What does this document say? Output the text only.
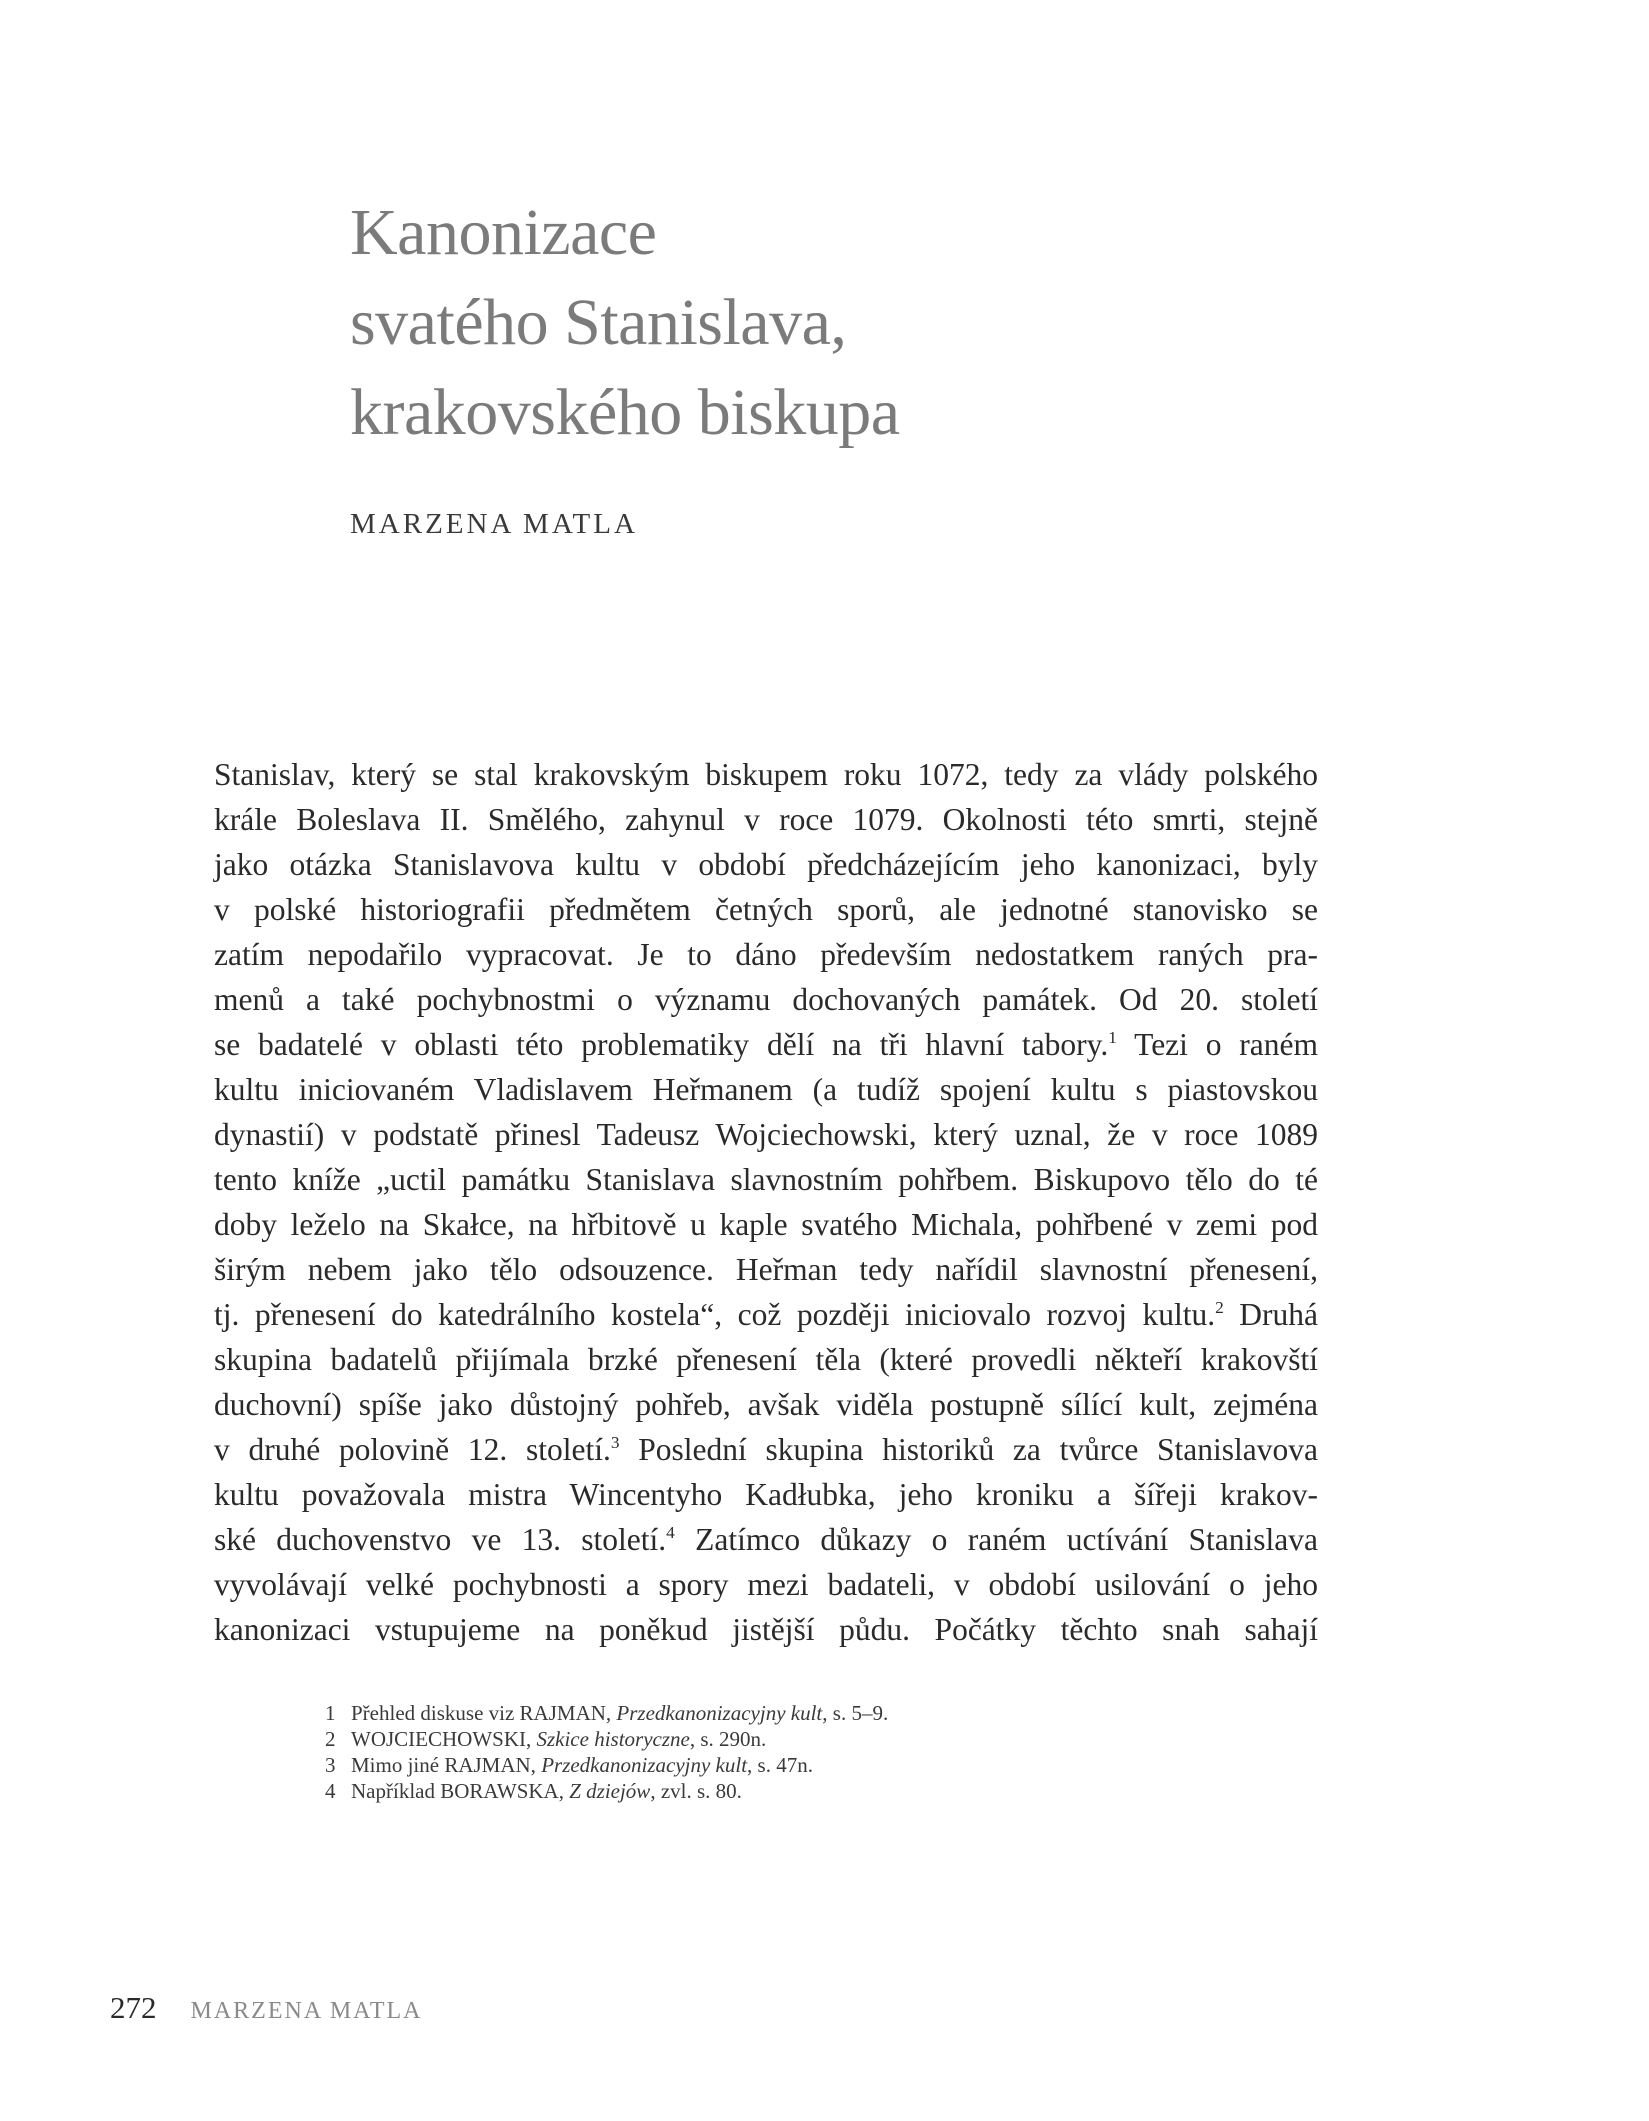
Kanonizace
svatého Stanislava,
krakovského biskupa
MARZENA MATLA
Stanislav, který se stal krakovským biskupem roku 1072, tedy za vlády polského
krále Boleslava II. Smělého, zahynul v roce 1079. Okolnosti této smrti, stejně
jako otázka Stanislavova kultu v období předcházejícím jeho kanonizaci, byly
v polské historiografii předmětem četných sporů, ale jednotné stanovisko se
zatím nepodařilo vypracovat. Je to dáno především nedostatkem raných pra-
menů a také pochybnostmi o významu dochovaných památek. Od 20. století
se badatelé v oblasti této problematiky dělí na tři hlavní tabory.$^1$ Tezi o raném
kultu iniciovaném Vladislavem Heřmanem (a tudíž spojení kultu s piastovskou
dynastií) v podstatě přinesl Tadeusz Wojciechowski, který uznal, že v roce 1089
tento kníže „uctil památku Stanislava slavnostním pohřbem. Biskupovo tělo do té
doby leželo na Skałce, na hřbitově u kaple svatého Michala, pohřbené v zemi pod
širým nebem jako tělo odsouzence. Heřman tedy nařídil slavnostní přenesení,
tj. přenesení do katedrálního kostela“, což později iniciovalo rozvoj kultu.$^2$ Druhá
skupina badatelů přijímala brzké přenesení těla (které provedli někteří krakovští
duchovní) spíše jako důstojný pohřeb, avšak viděla postupně sílící kult, zejména
v druhé polovině 12. století.$^3$ Poslední skupina historiků za tvůrce Stanislavova
kultu považovala mistra Wincentyho Kadłubka, jeho kroniku a šířeji krakov-
ské duchovenstvo ve 13. století.$^4$ Zatímco důkazy o raném uctívání Stanislava
vyvolávají velké pochybnosti a spory mezi badateli, v období usilování o jeho
kanonizaci vstupujeme na poněkud jistější půdu. Počátky těchto snah sahají
1 Přehled diskuse viz RAJMAN, Przedkanonizacyjny kult, s. 5–9.
2 WOJCIECHOWSKI, Szkice historyczne, s. 290n.
3 Mimo jiné RAJMAN, Przedkanonizacyjny kult, s. 47n.
4 Například BORAWSKA, Z dziejów, zvl. s. 80.
272 MARZENA MATLA
